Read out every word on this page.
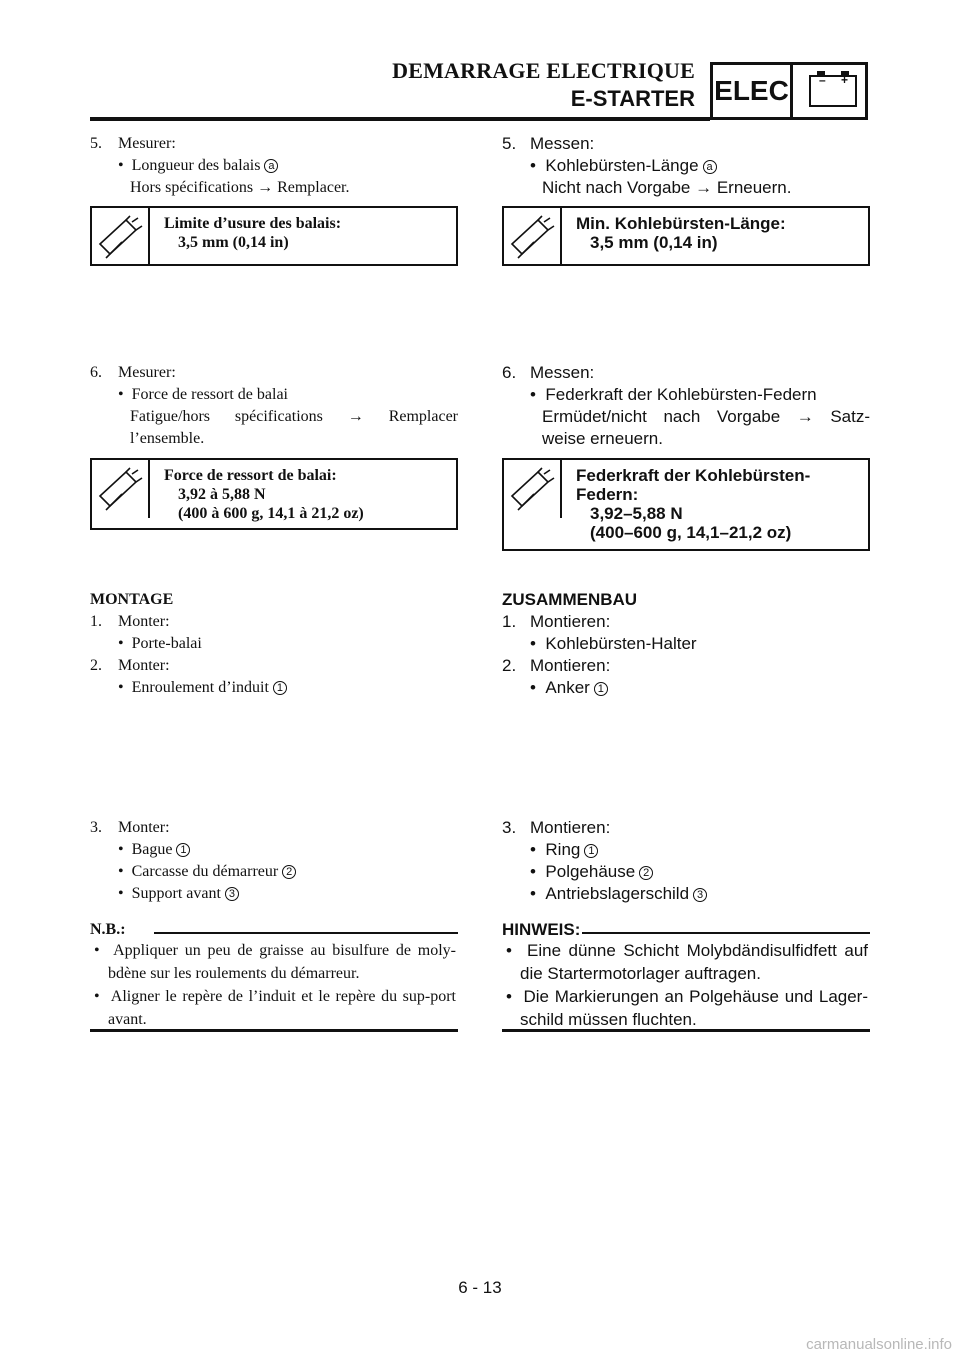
DEMARRAGE ELECTRIQUE
E-STARTER ELEC	– +
5. Mesurer:
•  Longueur des balais a
Hors spécifications → Remplacer.
Limite d’usure des balais:
3,5 mm (0,14 in)
6. Mesurer:
•  Force de ressort de balai
Fatigue/hors spécifications → Remplacer
l’ensemble.
Force de ressort de balai:
3,92 à 5,88 N
(400 à 600 g, 14,1 à 21,2 oz)
MONTAGE
1. Monter:
•  Porte-balai
2. Monter:
•  Enroulement d’induit 1
3. Monter:
•  Bague 1
•  Carcasse du démarreur 2
•  Support avant 3
N.B.:
•  Appliquer un peu de graisse au bisulfure de moly-bdène sur les roulements du démarreur.
•  Aligner le repère de l’induit et le repère du sup-port avant.
5. Messen:
•  Kohlebürsten-Länge a
Nicht nach Vorgabe → Erneuern.
Min. Kohlebürsten-Länge:
3,5 mm (0,14 in)
6. Messen:
•  Federkraft der Kohlebürsten-Federn
Ermüdet/nicht nach Vorgabe → Satz-
weise erneuern.
Federkraft der Kohlebürsten-
Federn:
3,92–5,88 N
(400–600 g, 14,1–21,2 oz)
ZUSAMMENBAU
1. Montieren:
•  Kohlebürsten-Halter
2. Montieren:
•  Anker 1
3. Montieren:
•  Ring 1
•  Polgehäuse 2
•  Antriebslagerschild 3
HINWEIS:
•  Eine dünne Schicht Molybdändisulfidfett auf die Startermotorlager auftragen.
•  Die Markierungen an Polgehäuse und Lager-schild müssen fluchten.
6 - 13
carmanualsonline.info
